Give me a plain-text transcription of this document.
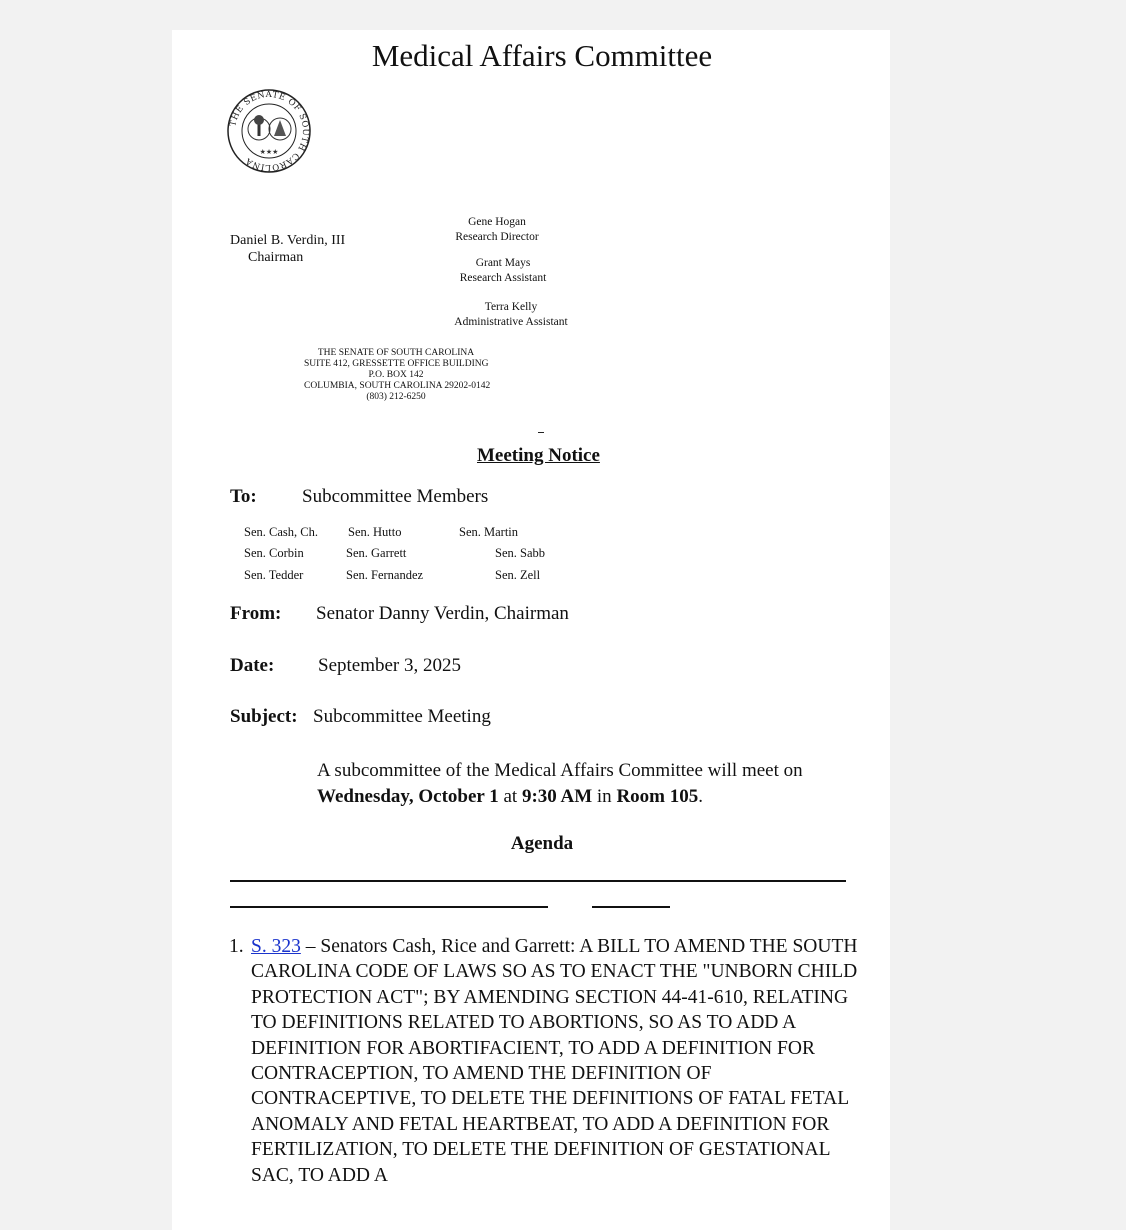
Medical Affairs Committee
THE SENATE OF SOUTH CAROLINA
★★★
Daniel B. Verdin, III
Chairman
Gene Hogan
Research Director
Grant Mays
Research Assistant
Terra Kelly
Administrative Assistant
THE SENATE OF SOUTH CAROLINA
SUITE 412, GRESSETTE OFFICE BUILDING
P.O. BOX 142
COLUMBIA, SOUTH CAROLINA 29202-0142
(803) 212-6250
Meeting Notice
To: Subcommittee Members
Sen. Cash, Ch. Sen. Hutto	Sen. Martin
Sen. Corbin	Sen. Garrett	Sen. Sabb
Sen. Tedder	Sen. Fernandez	Sen. Zell
From: Senator Danny Verdin, Chairman
Date: September 3, 2025
Subject: Subcommittee Meeting
A subcommittee of the Medical Affairs Committee will meet on Wednesday, October 1 at 9:30 AM in Room 105.
Agenda
1. S. 323 – Senators Cash, Rice and Garrett: A BILL TO AMEND THE SOUTH CAROLINA CODE OF LAWS SO AS TO ENACT THE "UNBORN CHILD PROTECTION ACT"; BY AMENDING SECTION 44-41-610, RELATING TO DEFINITIONS RELATED TO ABORTIONS, SO AS TO ADD A DEFINITION FOR ABORTIFACIENT, TO ADD A DEFINITION FOR CONTRACEPTION, TO AMEND THE DEFINITION OF CONTRACEPTIVE, TO DELETE THE DEFINITIONS OF FATAL FETAL ANOMALY AND FETAL HEARTBEAT, TO ADD A DEFINITION FOR FERTILIZATION, TO DELETE THE DEFINITION OF GESTATIONAL SAC, TO ADD A
